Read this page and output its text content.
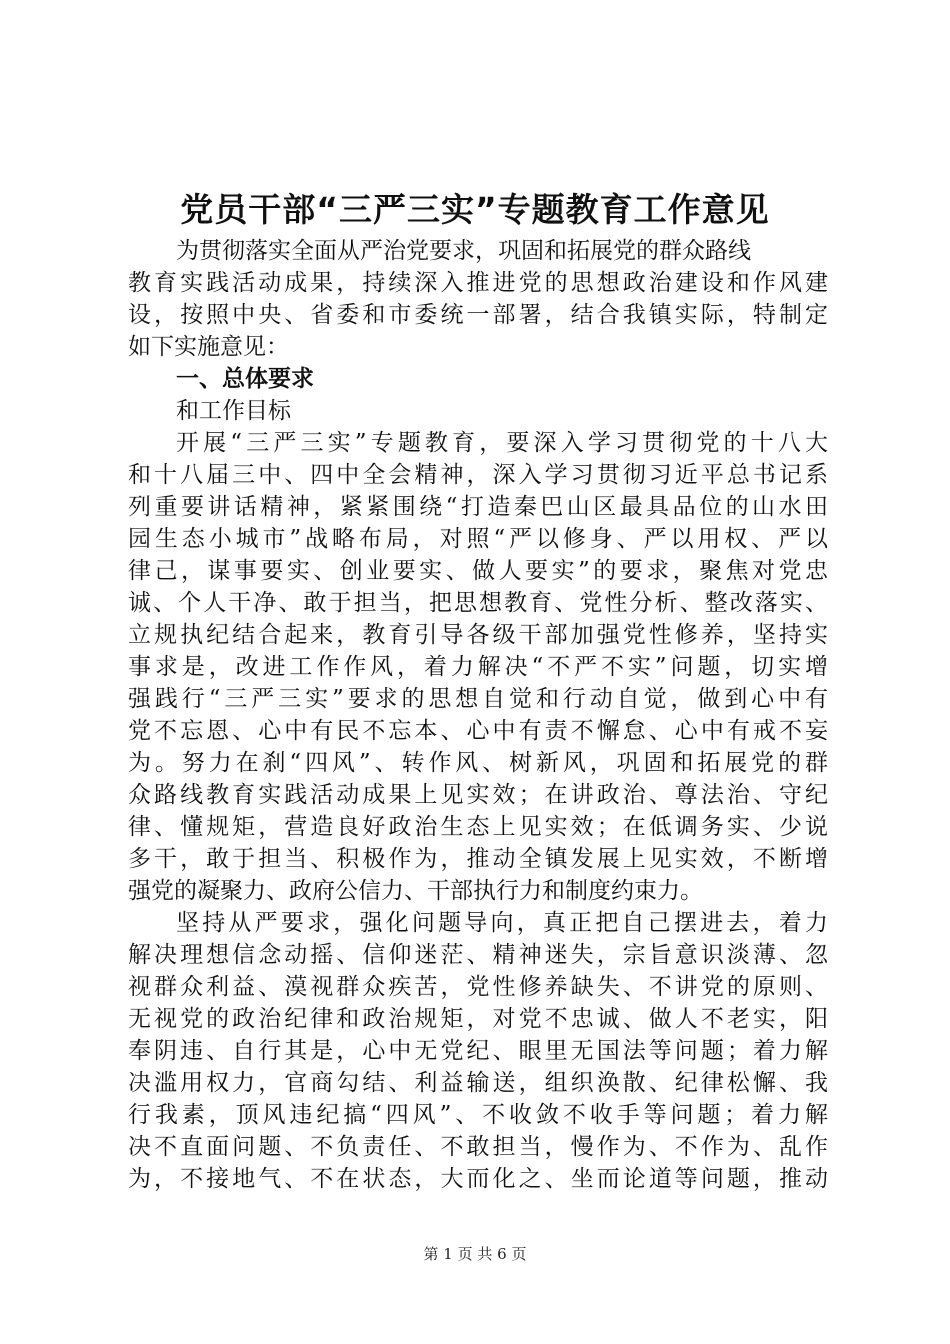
党员干部“三严三实”专题教育工作意见
为贯彻落实全面从严治党要求，巩固和拓展党的群众路线
教育实践活动成果，持续深入推进党的思想政治建设和作风建
设，按照中央、省委和市委统一部署，结合我镇实际，特制定
如下实施意见：
一、总体要求
和工作目标
开展“三严三实”专题教育，要深入学习贯彻党的十八大
和十八届三中、四中全会精神，深入学习贯彻习近平总书记系
列重要讲话精神，紧紧围绕“打造秦巴山区最具品位的山水田
园生态小城市”战略布局，对照“严以修身、严以用权、严以
律己，谋事要实、创业要实、做人要实”的要求，聚焦对党忠
诚、个人干净、敢于担当，把思想教育、党性分析、整改落实、
立规执纪结合起来，教育引导各级干部加强党性修养，坚持实
事求是，改进工作作风，着力解决“不严不实”问题，切实增
强践行“三严三实”要求的思想自觉和行动自觉，做到心中有
党不忘恩、心中有民不忘本、心中有责不懈怠、心中有戒不妄
为。努力在刹“四风”、转作风、树新风，巩固和拓展党的群
众路线教育实践活动成果上见实效；在讲政治、尊法治、守纪
律、懂规矩，营造良好政治生态上见实效；在低调务实、少说
多干，敢于担当、积极作为，推动全镇发展上见实效，不断增
强党的凝聚力、政府公信力、干部执行力和制度约束力。
坚持从严要求，强化问题导向，真正把自己摆进去，着力
解决理想信念动摇、信仰迷茫、精神迷失，宗旨意识淡薄、忽
视群众利益、漠视群众疾苦，党性修养缺失、不讲党的原则、
无视党的政治纪律和政治规矩，对党不忠诚、做人不老实，阳
奉阴违、自行其是，心中无党纪、眼里无国法等问题；着力解
决滥用权力，官商勾结、利益输送，组织涣散、纪律松懈、我
行我素，顶风违纪搞“四风”、不收敛不收手等问题；着力解
决不直面问题、不负责任、不敢担当，慢作为、不作为、乱作
为，不接地气、不在状态，大而化之、坐而论道等问题，推动
第 1 页 共 6 页
